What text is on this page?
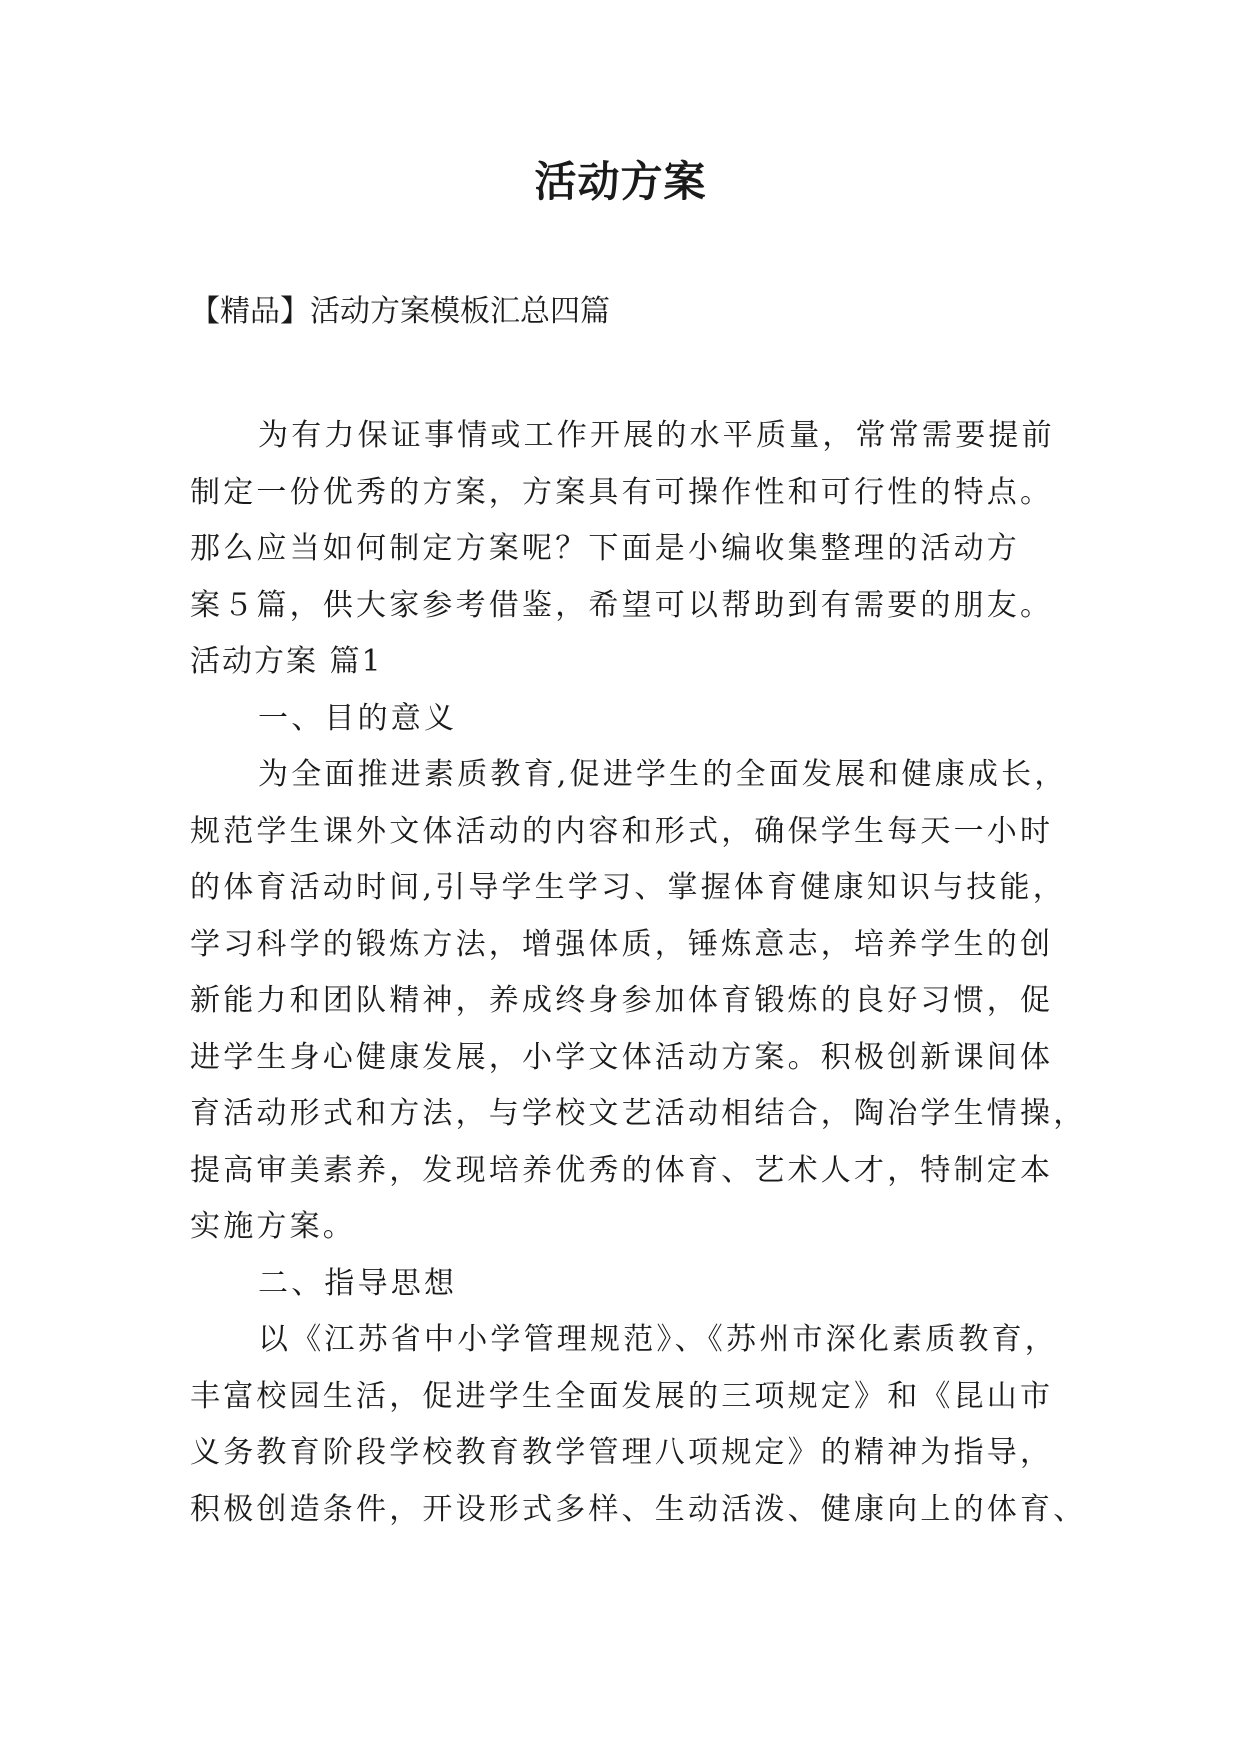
活动方案

【精品】活动方案模板汇总四篇

为有力保证事情或工作开展的水平质量，常常需要提前
制定一份优秀的方案，方案具有可操作性和可行性的特点。
那么应当如何制定方案呢？下面是小编收集整理的活动方
案５篇，供大家参考借鉴，希望可以帮助到有需要的朋友。
活动方案 篇1
一、目的意义
为全面推进素质教育,促进学生的全面发展和健康成长，
规范学生课外文体活动的内容和形式，确保学生每天一小时
的体育活动时间,引导学生学习、掌握体育健康知识与技能，
学习科学的锻炼方法，增强体质，锤炼意志，培养学生的创
新能力和团队精神，养成终身参加体育锻炼的良好习惯，促
进学生身心健康发展，小学文体活动方案。积极创新课间体
育活动形式和方法，与学校文艺活动相结合，陶冶学生情操，
提高审美素养，发现培养优秀的体育、艺术人才，特制定本
实施方案。
二、指导思想
以《江苏省中小学管理规范》、《苏州市深化素质教育，
丰富校园生活，促进学生全面发展的三项规定》和《昆山市
义务教育阶段学校教育教学管理八项规定》的精神为指导，
积极创造条件，开设形式多样、生动活泼、健康向上的体育、
